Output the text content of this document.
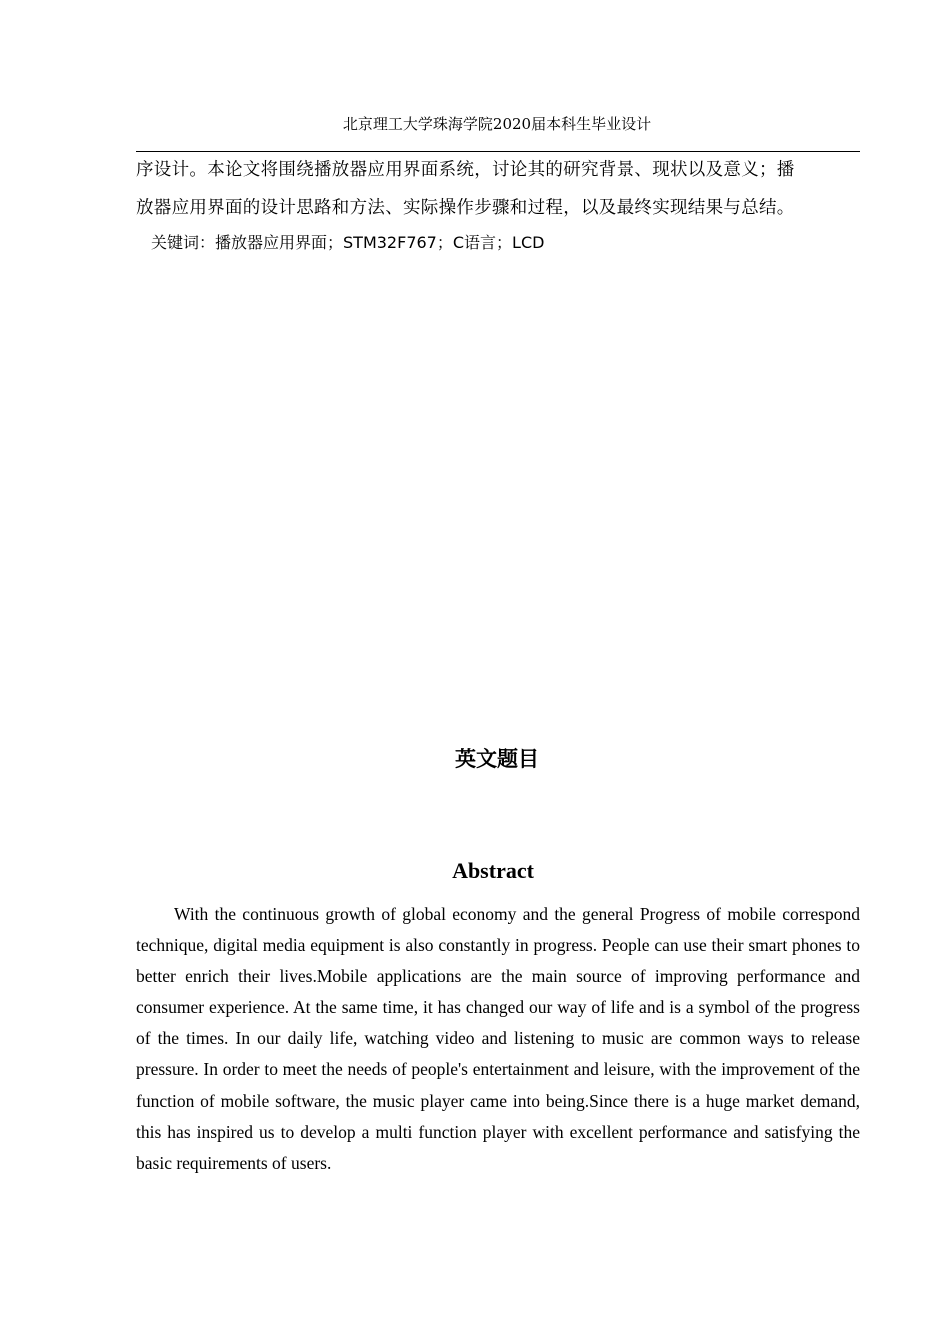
北京理工大学珠海学院2020届本科生毕业设计
序设计。本论文将围绕播放器应用界面系统，讨论其的研究背景、现状以及意义；播
放器应用界面的设计思路和方法、实际操作步骤和过程，以及最终实现结果与总结。
关键词：播放器应用界面；STM32F767；C语言；LCD
英文题目
Abstract

With the continuous growth of global economy and the general Progress of mobile correspond technique, digital media equipment is also constantly in progress. People can use their smart phones to better enrich their lives.Mobile applications are the main source of improving performance and consumer experience. At the same time, it has changed our way of life and is a symbol of the progress of the times. In our daily life, watching video and listening to music are common ways to release pressure. In order to meet the needs of people's entertainment and leisure, with the improvement of the function of mobile software, the music player came into being.Since there is a huge market demand, this has inspired us to develop a multi function player with excellent performance and satisfying the basic requirements of users.
